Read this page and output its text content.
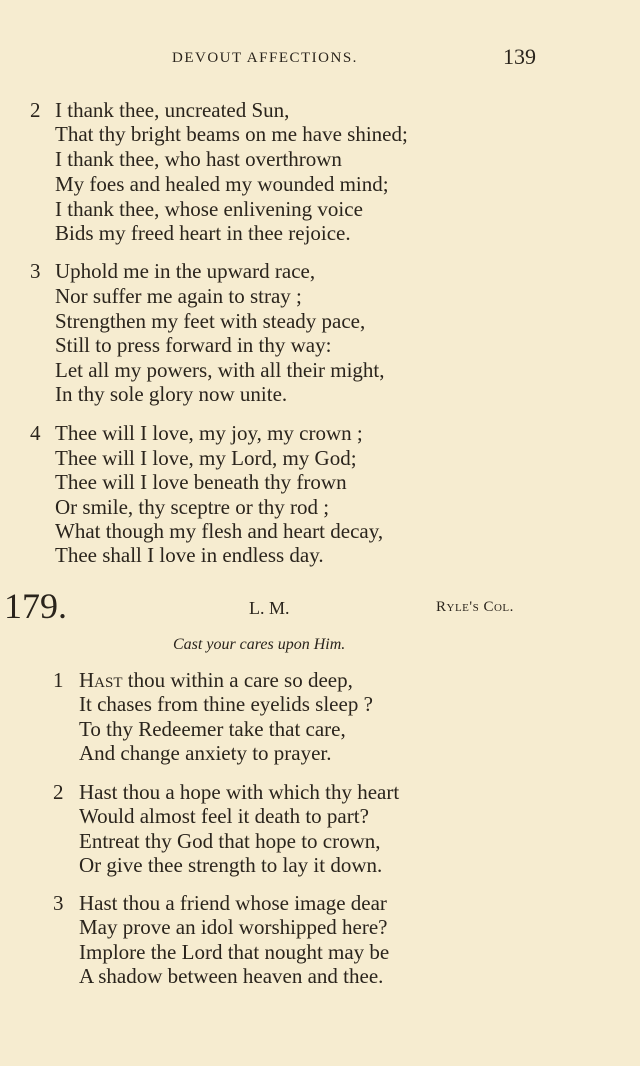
DEVOUT AFFECTIONS.	139
2 I thank thee, uncreated Sun,
That thy bright beams on me have shined;
I thank thee, who hast overthrown
My foes and healed my wounded mind;
I thank thee, whose enlivening voice
Bids my freed heart in thee rejoice.
3 Uphold me in the upward race,
Nor suffer me again to stray ;
Strengthen my feet with steady pace,
Still to press forward in thy way:
Let all my powers, with all their might,
In thy sole glory now unite.
4 Thee will I love, my joy, my crown ;
Thee will I love, my Lord, my God;
Thee will I love beneath thy frown
Or smile, thy sceptre or thy rod ;
What though my flesh and heart decay,
Thee shall I love in endless day.
179.	L. M.	Ryle's Col.
Cast your cares upon Him.
1 Hast thou within a care so deep,
It chases from thine eyelids sleep ?
To thy Redeemer take that care,
And change anxiety to prayer.
2 Hast thou a hope with which thy heart
Would almost feel it death to part?
Entreat thy God that hope to crown,
Or give thee strength to lay it down.
3 Hast thou a friend whose image dear
May prove an idol worshipped here?
Implore the Lord that nought may be
A shadow between heaven and thee.
